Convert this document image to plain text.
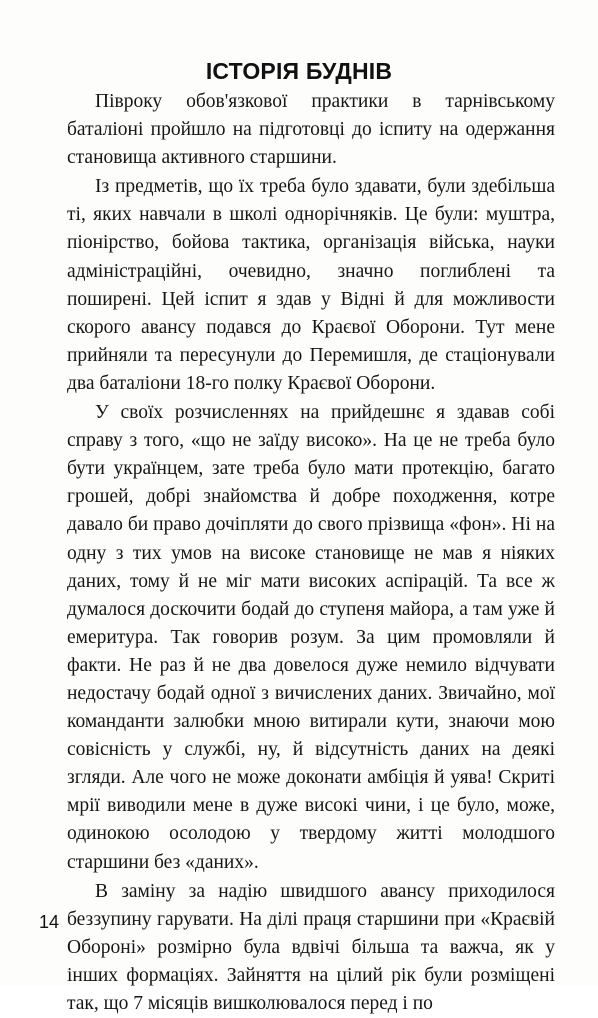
ІСТОРІЯ БУДНІВ

Півроку обов'язкової практики в тарнівському баталіоні пройшло на підготовці до іспиту на одержання становища активного старшини.

Із предметів, що їх треба було здавати, були здебільша ті, яких навчали в школі однорічняків. Це були: муштра, піонірство, бойова тактика, організація війська, науки адміністраційні, очевидно, значно поглиблені та поширені. Цей іспит я здав у Відні й для можливости скорого авансу подався до Краєвої Оборони. Тут мене прийняли та пересунули до Перемишля, де стаціонували два баталіони 18-го полку Краєвої Оборони.

У своїх розчисленнях на прийдешнє я здавав собі справу з того, «що не заїду високо». На це не треба було бути українцем, зате треба було мати протекцію, багато грошей, добрі знайомства й добре походження, котре давало би право дочіпляти до свого прізвища «фон». Ні на одну з тих умов на високе становище не мав я ніяких даних, тому й не міг мати високих аспірацій. Та все ж думалося доскочити бодай до ступеня майора, а там уже й емеритура. Так говорив розум. За цим промовляли й факти. Не раз й не два довелося дуже немило відчувати недостачу бодай одної з вичислених даних. Звичайно, мої команданти залюбки мною витирали кути, знаючи мою совісність у службі, ну, й відсутність даних на деякі згляди. Але чого не може доконати амбіція й уява! Скриті мрії виводили мене в дуже високі чини, і це було, може, одинокою осолодою у твердому житті молодшого старшини без «даних».

В заміну за надію швидшого авансу приходилося беззупину гарувати. На ділі праця старшини при «Краєвій Обороні» розмірно була вдвічі більша та важча, як у інших формаціях. Зайняття на цілий рік були розміщені так, що 7 місяців вишколювалося перед і по

14
